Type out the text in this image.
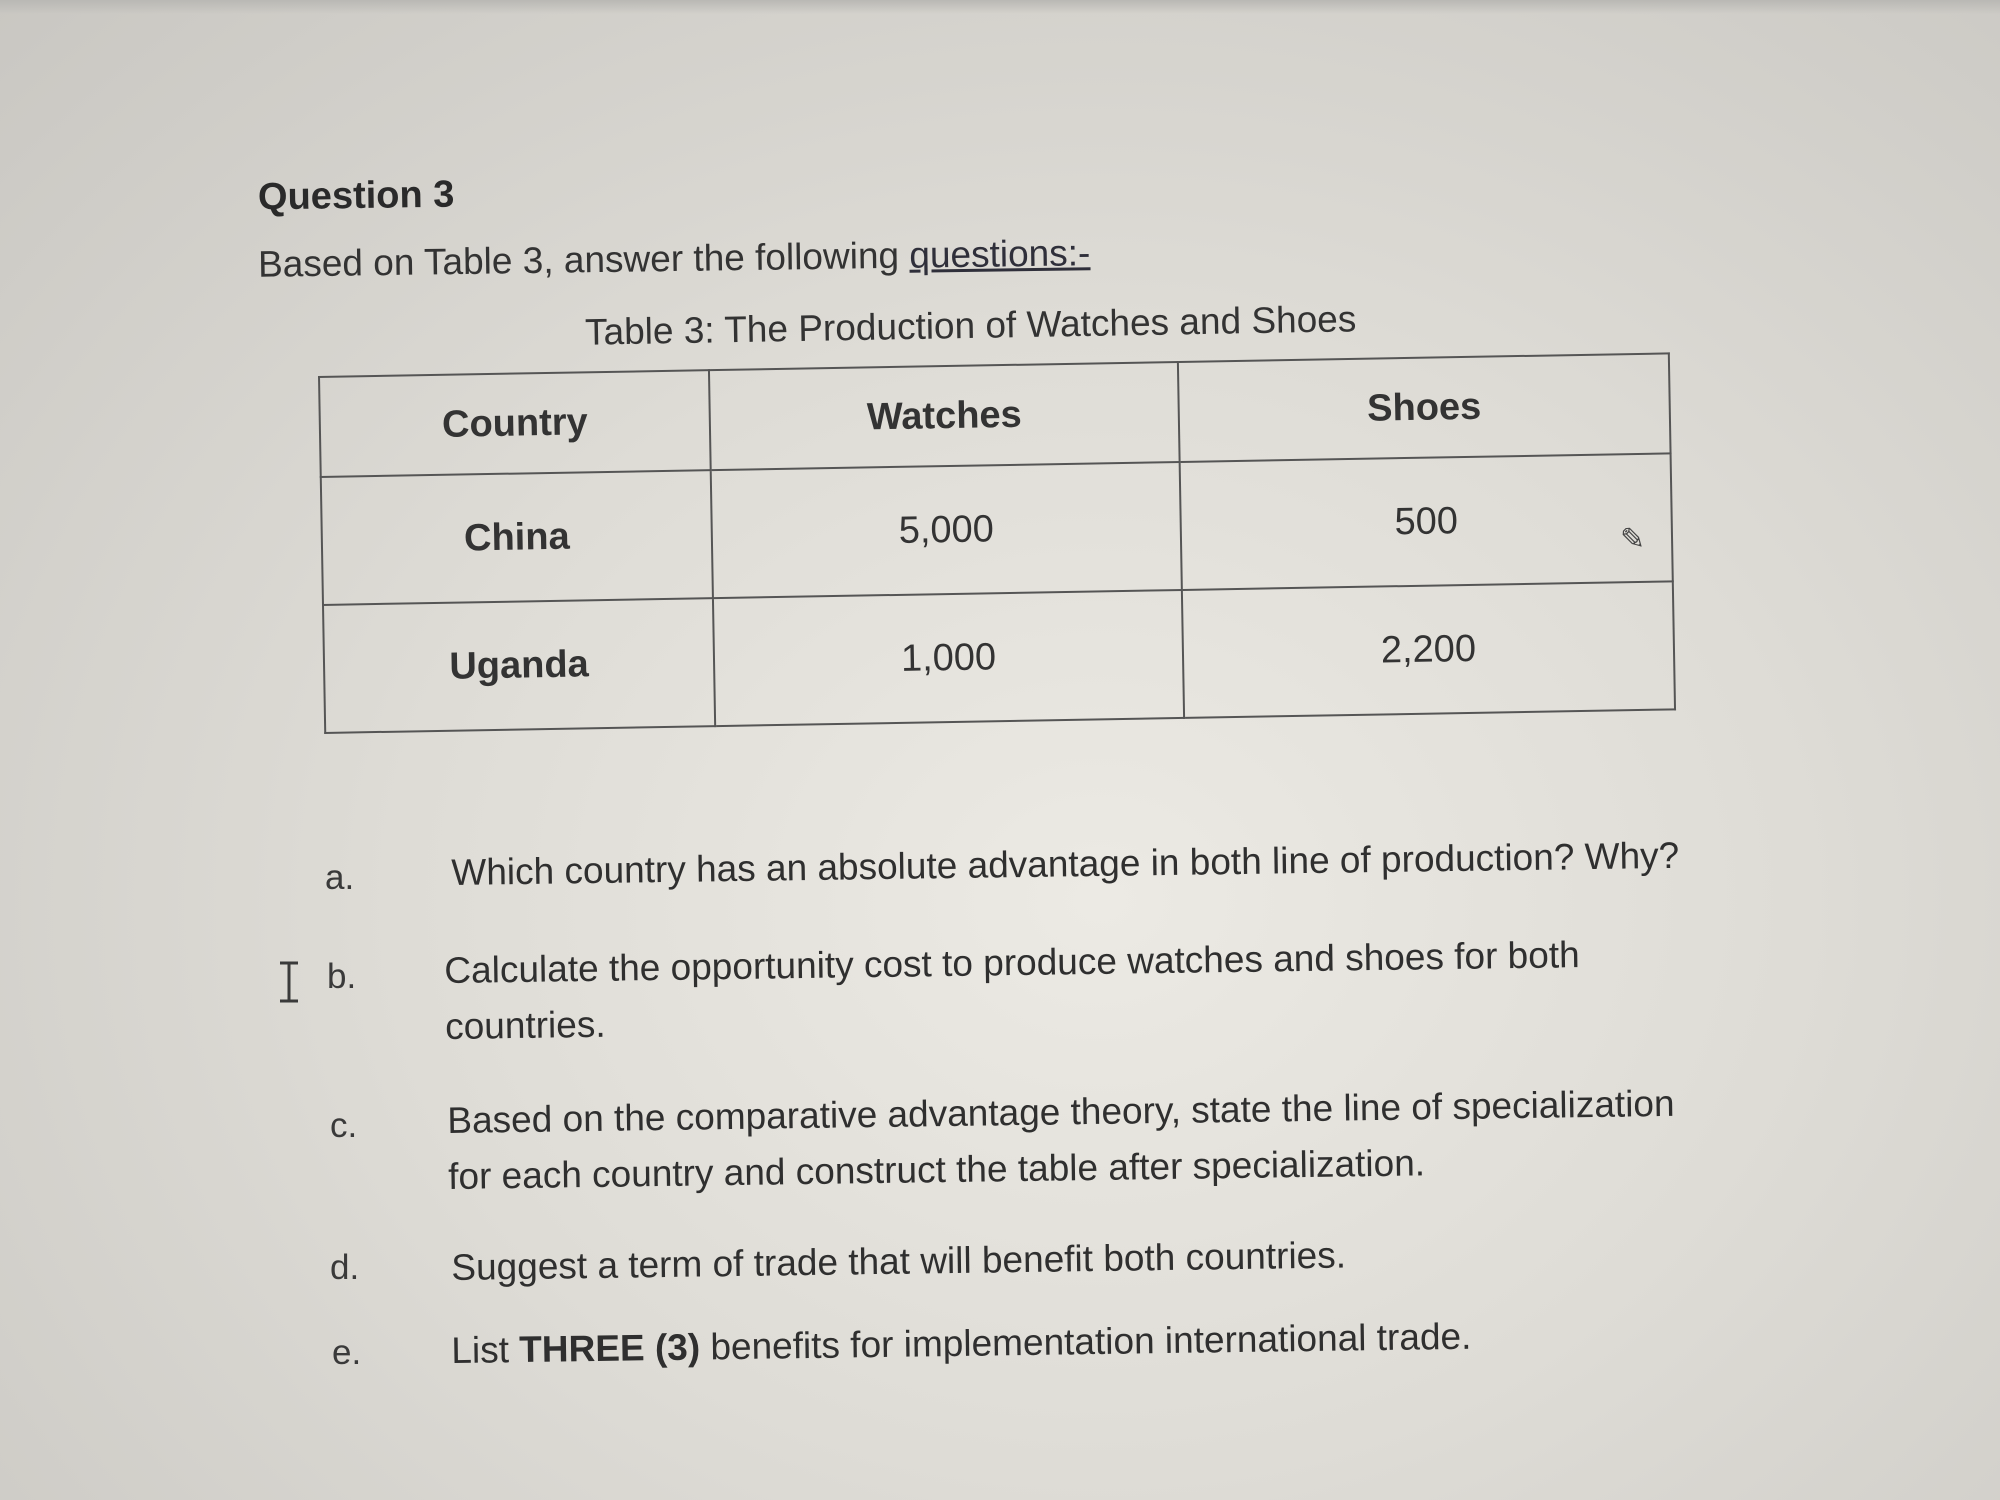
Question 3
Based on Table 3, answer the following questions:-
Table 3: The Production of Watches and Shoes
Country	Watches	Shoes
China	5,000	500
Uganda	1,000	2,200
✎
a.	Which country has an absolute advantage in both line of production? Why?
b. Calculate the opportunity cost to produce watches and shoes for both countries.
c. Based on the comparative advantage theory, state the line of specialization for each country and construct the table after specialization.
d. Suggest a term of trade that will benefit both countries.
e. List THREE (3) benefits for implementation international trade.
